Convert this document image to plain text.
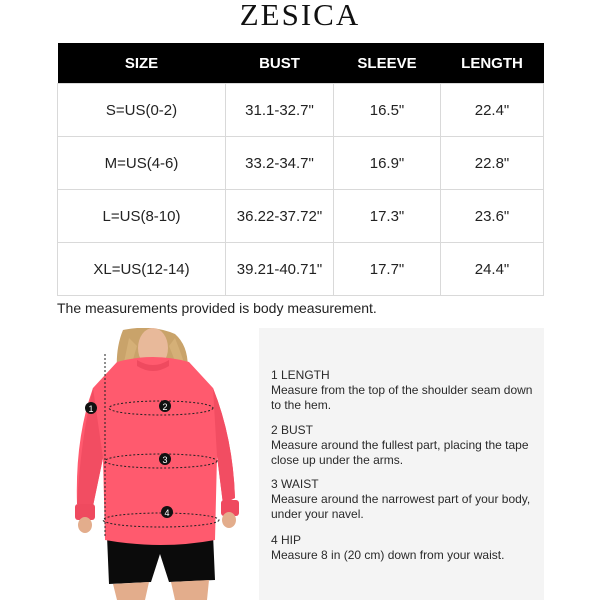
ZESICA
SIZE	BUST	SLEEVE	LENGTH
S=US(0-2)	31.1-32.7"	16.5"	22.4"
M=US(4-6)	33.2-34.7"	16.9"	22.8"
L=US(8-10)	36.22-37.72"	17.3"	23.6"
XL=US(12-14)	39.21-40.71"	17.7"	24.4"
The measurements provided is body measurement.
1	2
3
4
1 LENGTH
Measure from the top of the shoulder seam down to the hem.
2 BUST
Measure around the fullest part, placing the tape close up under the arms.
3 WAIST
Measure around the narrowest part of your body, under your navel.
4 HIP
Measure 8 in (20 cm) down from your waist.
